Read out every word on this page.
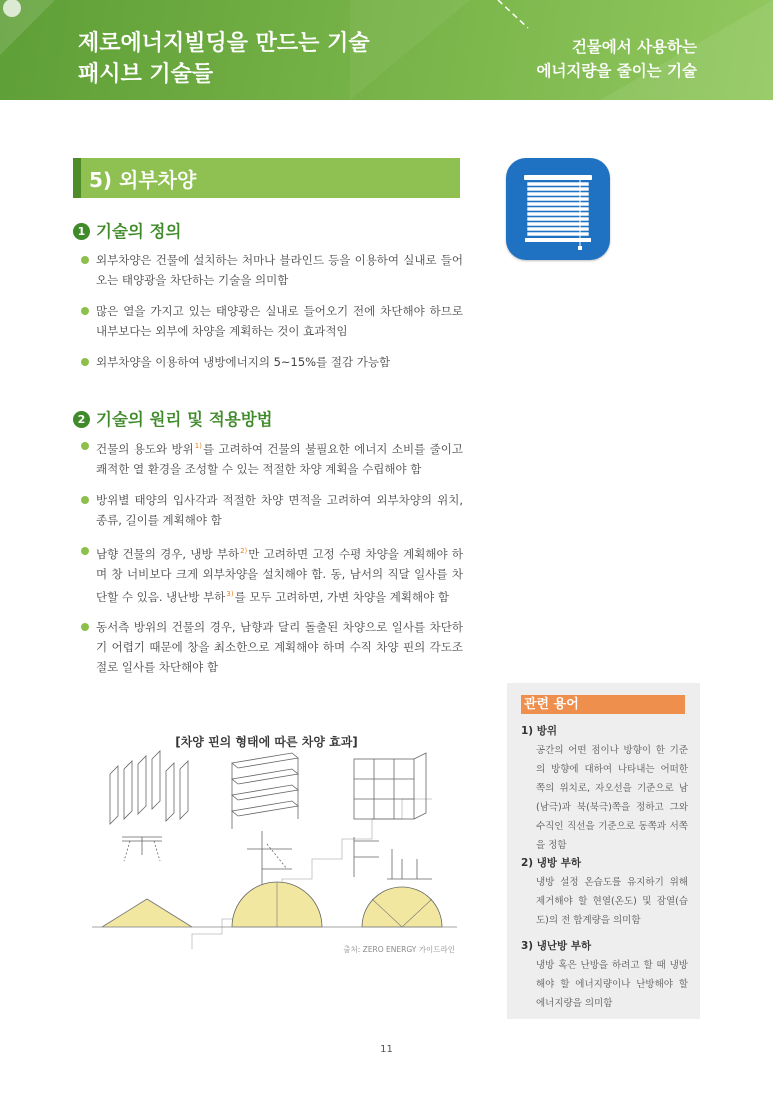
제로에너지빌딩을 만드는 기술
패시브 기술들
건물에서 사용하는
에너지량을 줄이는 기술
5) 외부차양
1 기술의 정의
외부차양은 건물에 설치하는 처마나 블라인드 등을 이용하여 실내로 들어오는 태양광을 차단하는 기술을 의미함
많은 열을 가지고 있는 태양광은 실내로 들어오기 전에 차단해야 하므로 내부보다는 외부에 차양을 계획하는 것이 효과적임
외부차양을 이용하여 냉방에너지의 5~15%를 절감 가능함
2 기술의 원리 및 적용방법
건물의 용도와 방위$^{1)}$를 고려하여 건물의 불필요한 에너지 소비를 줄이고 쾌적한 열 환경을 조성할 수 있는 적절한 차양 계획을 수립해야 함
방위별 태양의 입사각과 적절한 차양 면적을 고려하여 외부차양의 위치, 종류, 길이를 계획해야 함
남향 건물의 경우, 냉방 부하$^{2)}$만 고려하면 고정 수평 차양을 계획해야 하며 창 너비보다 크게 외부차양을 설치해야 함. 동, 남서의 직달 일사를 차단할 수 있음. 냉난방 부하$^{3)}$를 모두 고려하면, 가변 차양을 계획해야 함
동서측 방위의 건물의 경우, 남향과 달리 돌출된 차양으로 일사를 차단하기 어렵기 때문에 창을 최소한으로 계획해야 하며 수직 차양 핀의 각도조절로 일사를 차단해야 함
[차양 핀의 형태에 따른 차양 효과]
출처: ZERO ENERGY 가이드라인
관련 용어
1) 방위
공간의 어떤 점이나 방향이 한 기준의 방향에 대하여 나타내는 어떠한 쪽의 위치로, 자오선을 기준으로 남(남극)과 북(북극)쪽을 정하고 그와 수직인 직선을 기준으로 동쪽과 서쪽을 정함
2) 냉방 부하
냉방 설정 온습도를 유지하기 위해 제거해야 할 현열(온도) 및 잠열(습도)의 전 합계량을 의미함
3) 냉난방 부하
냉방 혹은 난방을 하려고 할 때 냉방해야 할 에너지량이나 난방해야 할 에너지량을 의미함
11
